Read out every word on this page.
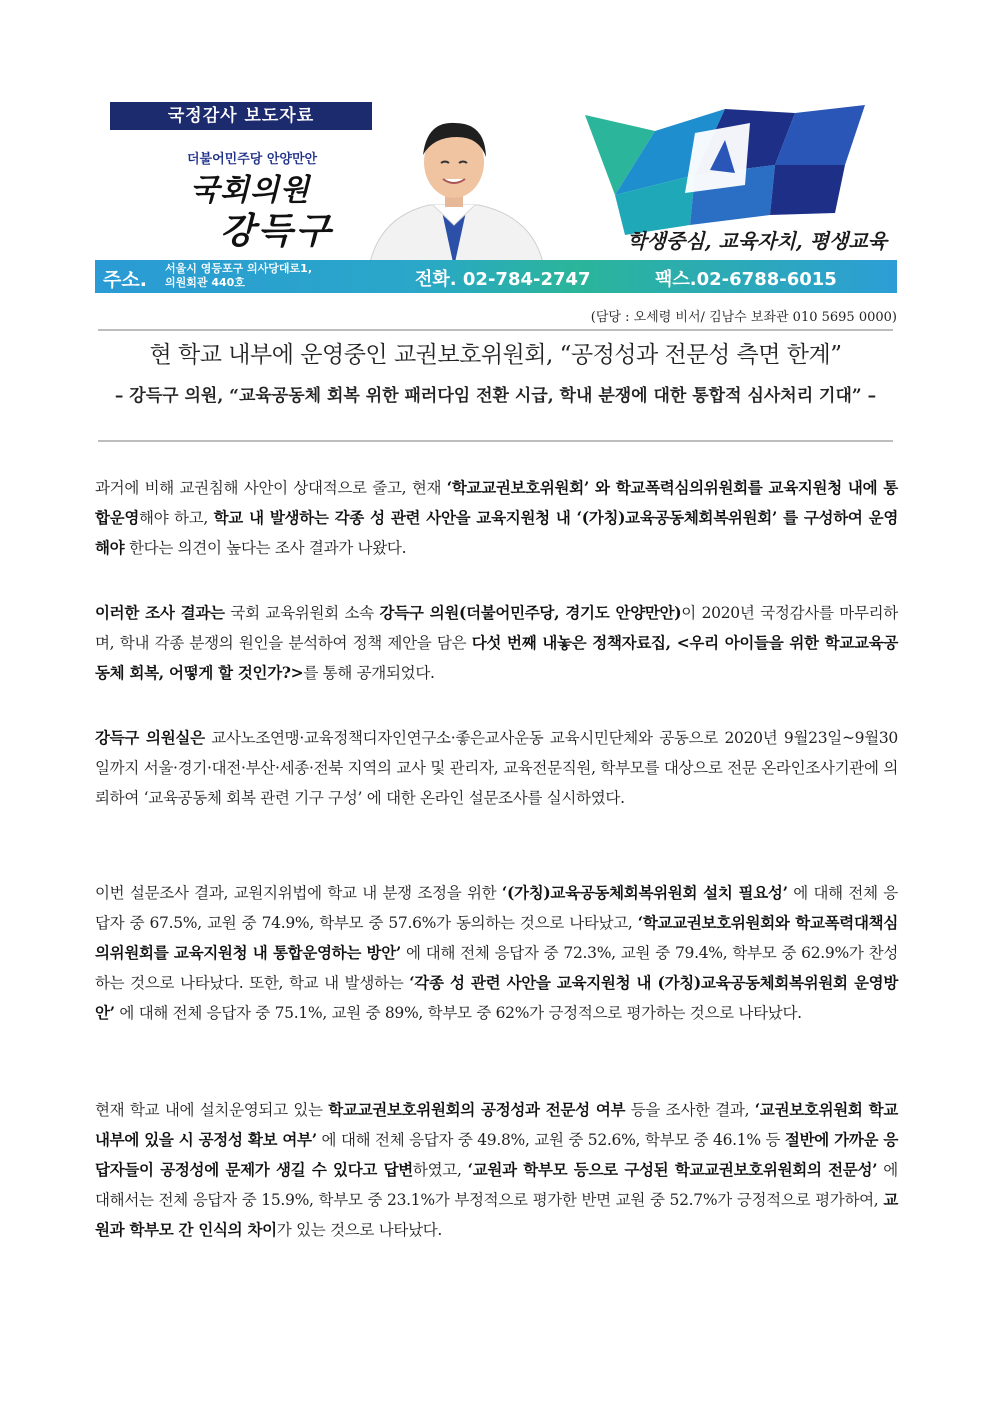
국정감사 보도자료
더불어민주당 안양만안
국회의원
강득구	학생중심, 교육자치, 평생교육
주소.
서울시 영등포구 의사당대로1,
의원회관 440호	전화. 02-784-2747	팩스.02-6788-6015
(담당 : 오세령 비서/ 김남수 보좌관 010 5695 0000)
현 학교 내부에 운영중인 교권보호위원회, “공정성과 전문성 측면 한계”
– 강득구 의원, “교육공동체 회복 위한 패러다임 전환 시급, 학내 분쟁에 대한 통합적 심사처리 기대” –
과거에 비해 교권침해 사안이 상대적으로 줄고, 현재 ‘학교교권보호위원회’ 와 학교폭력심의위원회를 교육지원청 내에 통합운영해야 하고, 학교 내 발생하는 각종 성 관련 사안을 교육지원청 내 ‘(가칭)교육공동체회복위원회’ 를 구성하여 운영해야 한다는 의견이 높다는 조사 결과가 나왔다.
이러한 조사 결과는 국회 교육위원회 소속 강득구 의원(더불어민주당, 경기도 안양만안)이 2020년 국정감사를 마무리하며, 학내 각종 분쟁의 원인을 분석하여 정책 제안을 담은 다섯 번째 내놓은 정책자료집, <우리 아이들을 위한 학교교육공동체 회복, 어떻게 할 것인가?>를 통해 공개되었다.
강득구 의원실은 교사노조연맹·교육정책디자인연구소·좋은교사운동 교육시민단체와 공동으로 2020년 9월23일~9월30일까지 서울·경기·대전·부산·세종·전북 지역의 교사 및 관리자, 교육전문직원, 학부모를 대상으로 전문 온라인조사기관에 의뢰하여 ‘교육공동체 회복 관련 기구 구성’ 에 대한 온라인 설문조사를 실시하였다.
이번 설문조사 결과, 교원지위법에 학교 내 분쟁 조정을 위한 ‘(가칭)교육공동체회복위원회 설치 필요성’ 에 대해 전체 응답자 중 67.5%, 교원 중 74.9%, 학부모 중 57.6%가 동의하는 것으로 나타났고, ‘학교교권보호위원회와 학교폭력대책심의위원회를 교육지원청 내 통합운영하는 방안’ 에 대해 전체 응답자 중 72.3%, 교원 중 79.4%, 학부모 중 62.9%가 찬성하는 것으로 나타났다. 또한, 학교 내 발생하는 ‘각종 성 관련 사안을 교육지원청 내 (가칭)교육공동체회복위원회 운영방안’ 에 대해 전체 응답자 중 75.1%, 교원 중 89%, 학부모 중 62%가 긍정적으로 평가하는 것으로 나타났다.
현재 학교 내에 설치운영되고 있는 학교교권보호위원회의 공정성과 전문성 여부 등을 조사한 결과, ‘교권보호위원회 학교 내부에 있을 시 공정성 확보 여부’ 에 대해 전체 응답자 중 49.8%, 교원 중 52.6%, 학부모 중 46.1% 등 절반에 가까운 응답자들이 공정성에 문제가 생길 수 있다고 답변하였고, ‘교원과 학부모 등으로 구성된 학교교권보호위원회의 전문성’ 에 대해서는 전체 응답자 중 15.9%, 학부모 중 23.1%가 부정적으로 평가한 반면 교원 중 52.7%가 긍정적으로 평가하여, 교원과 학부모 간 인식의 차이가 있는 것으로 나타났다.
